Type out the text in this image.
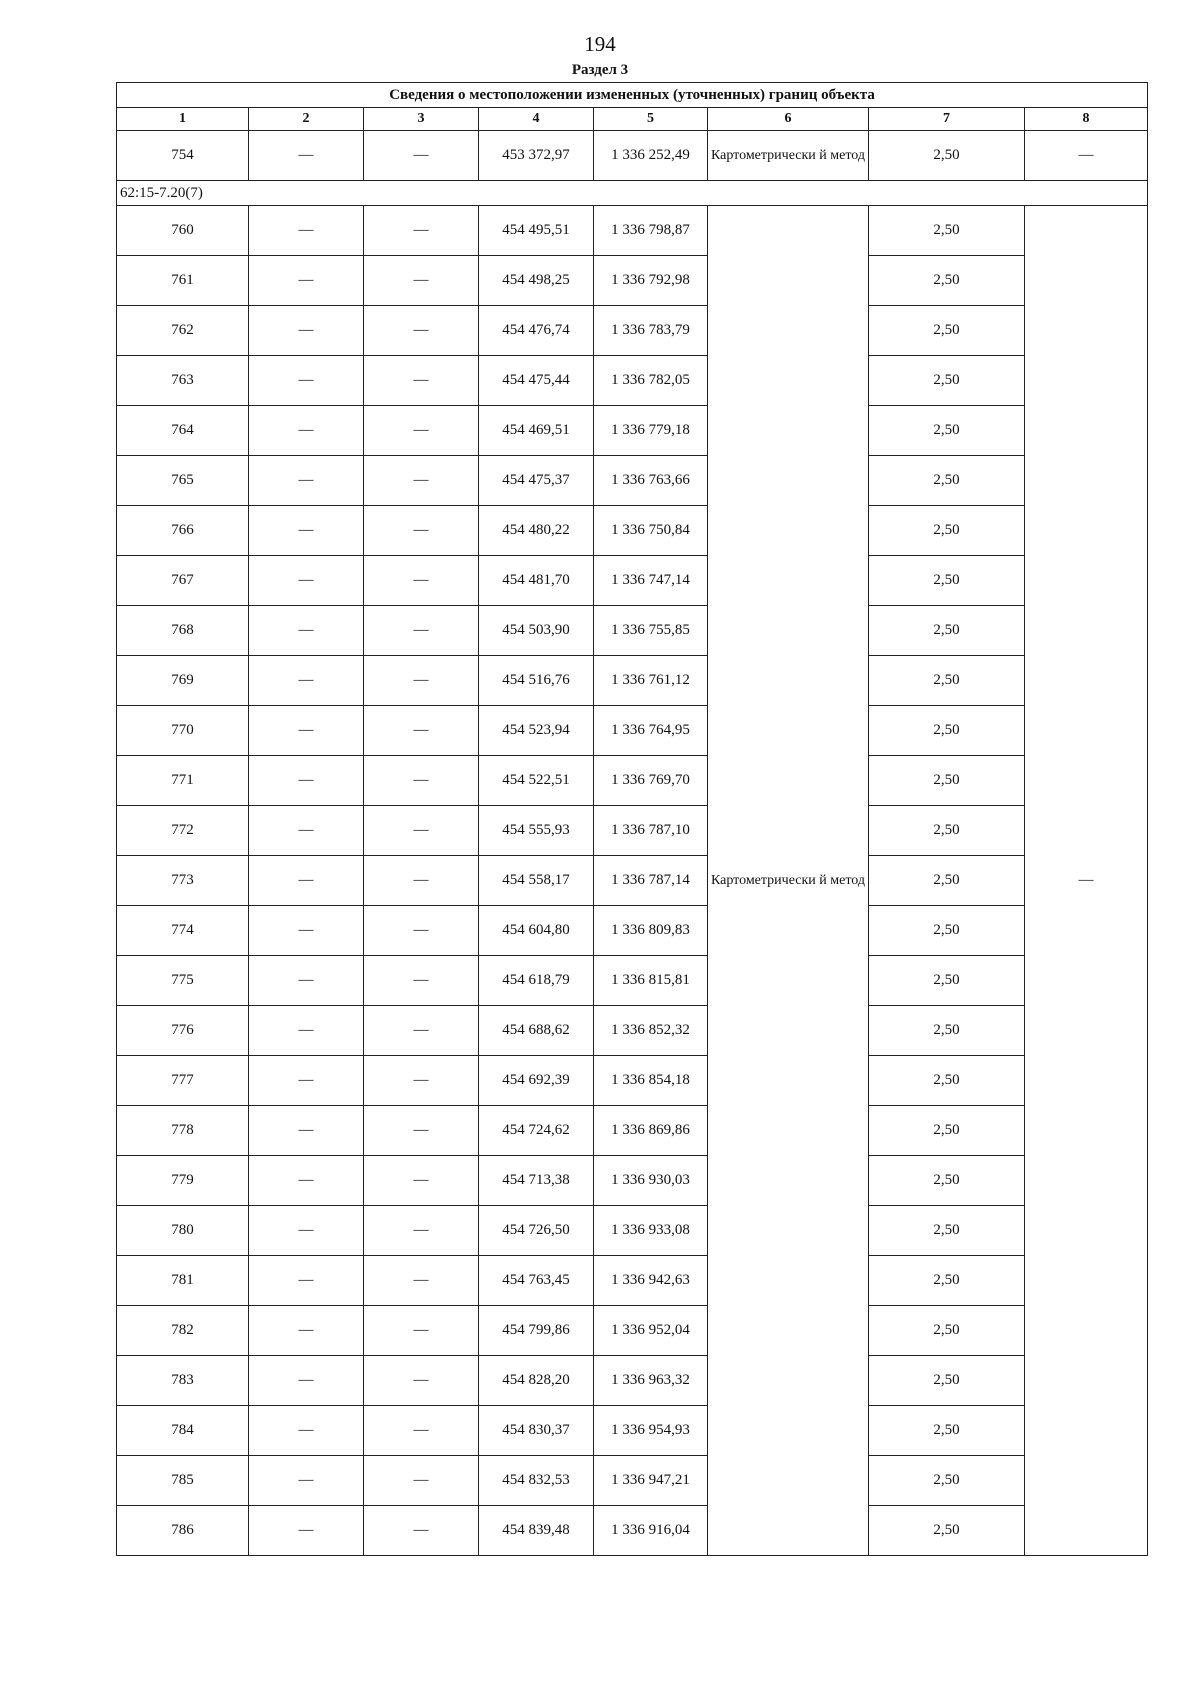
194
Раздел 3
Сведения о местоположении измененных (уточненных) границ объекта							
1	2	3	4	5	6	7	8
754	—	—	453 372,97	1 336 252,49	Картометрически й метод	2,50	—
62:15-7.20(7)							
760	—	—	454 495,51	1 336 798,87	Картометрически й метод	2,50	—
761	—	—	454 498,25	1 336 792,98		2,50	
762	—	—	454 476,74	1 336 783,79		2,50	
763	—	—	454 475,44	1 336 782,05		2,50	
764	—	—	454 469,51	1 336 779,18		2,50	
765	—	—	454 475,37	1 336 763,66		2,50	
766	—	—	454 480,22	1 336 750,84		2,50	
767	—	—	454 481,70	1 336 747,14		2,50	
768	—	—	454 503,90	1 336 755,85		2,50	
769	—	—	454 516,76	1 336 761,12		2,50	
770	—	—	454 523,94	1 336 764,95		2,50	
771	—	—	454 522,51	1 336 769,70		2,50	
772	—	—	454 555,93	1 336 787,10		2,50	
773	—	—	454 558,17	1 336 787,14		2,50	
774	—	—	454 604,80	1 336 809,83		2,50	
775	—	—	454 618,79	1 336 815,81		2,50	
776	—	—	454 688,62	1 336 852,32		2,50	
777	—	—	454 692,39	1 336 854,18		2,50	
778	—	—	454 724,62	1 336 869,86		2,50	
779	—	—	454 713,38	1 336 930,03		2,50	
780	—	—	454 726,50	1 336 933,08		2,50	
781	—	—	454 763,45	1 336 942,63		2,50	
782	—	—	454 799,86	1 336 952,04		2,50	
783	—	—	454 828,20	1 336 963,32		2,50	
784	—	—	454 830,37	1 336 954,93		2,50	
785	—	—	454 832,53	1 336 947,21		2,50	
786	—	—	454 839,48	1 336 916,04		2,50	
